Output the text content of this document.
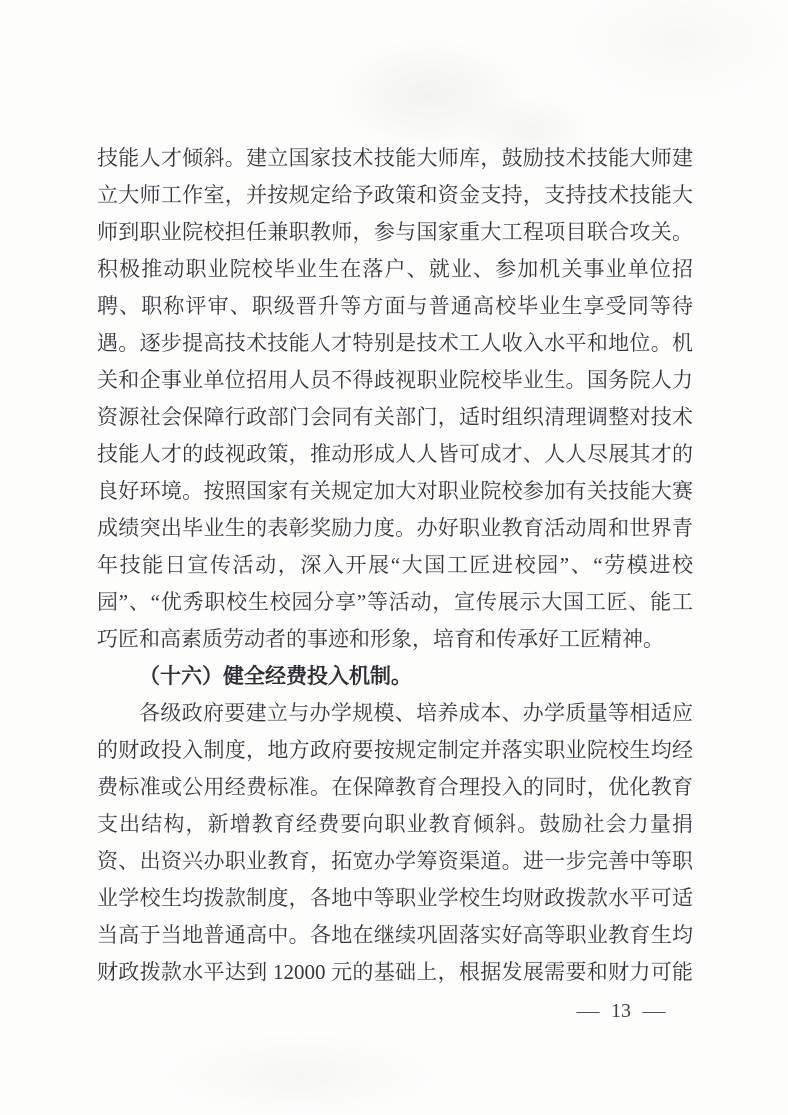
技能人才倾斜。建立国家技术技能大师库，鼓励技术技能大师建
立大师工作室，并按规定给予政策和资金支持，支持技术技能大
师到职业院校担任兼职教师，参与国家重大工程项目联合攻关。
积极推动职业院校毕业生在落户、就业、参加机关事业单位招
聘、职称评审、职级晋升等方面与普通高校毕业生享受同等待
遇。逐步提高技术技能人才特别是技术工人收入水平和地位。机
关和企事业单位招用人员不得歧视职业院校毕业生。国务院人力
资源社会保障行政部门会同有关部门，适时组织清理调整对技术
技能人才的歧视政策，推动形成人人皆可成才、人人尽展其才的
良好环境。按照国家有关规定加大对职业院校参加有关技能大赛
成绩突出毕业生的表彰奖励力度。办好职业教育活动周和世界青
年技能日宣传活动，深入开展“大国工匠进校园”、“劳模进校
园”、“优秀职校生校园分享”等活动，宣传展示大国工匠、能工
巧匠和高素质劳动者的事迹和形象，培育和传承好工匠精神。
（十六）健全经费投入机制。
各级政府要建立与办学规模、培养成本、办学质量等相适应
的财政投入制度，地方政府要按规定制定并落实职业院校生均经
费标准或公用经费标准。在保障教育合理投入的同时，优化教育
支出结构，新增教育经费要向职业教育倾斜。鼓励社会力量捐
资、出资兴办职业教育，拓宽办学筹资渠道。进一步完善中等职
业学校生均拨款制度，各地中等职业学校生均财政拨款水平可适
当高于当地普通高中。各地在继续巩固落实好高等职业教育生均
财政拨款水平达到 12000 元的基础上，根据发展需要和财力可能
— 13 —
